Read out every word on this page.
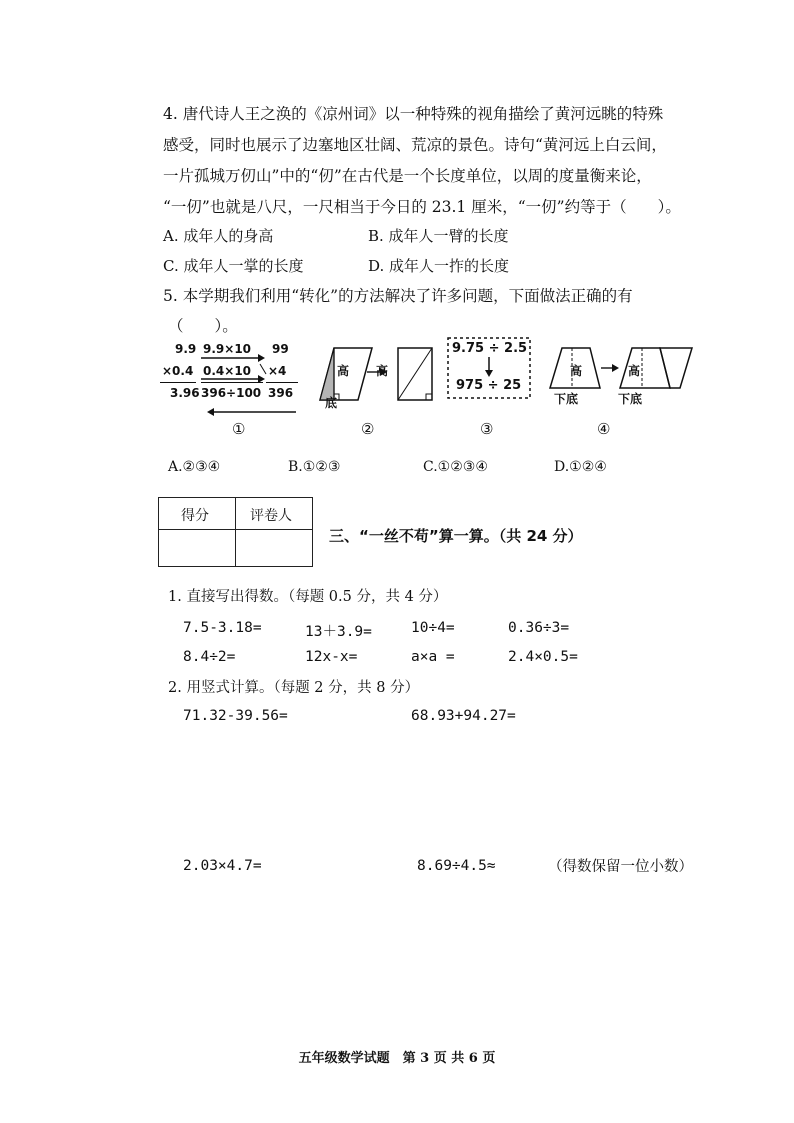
4. 唐代诗人王之涣的《凉州词》以一种特殊的视角描绘了黄河远眺的特殊
感受，同时也展示了边塞地区壮阔、荒凉的景色。诗句“黄河远上白云间，
一片孤城万仞山”中的“仞”在古代是一个长度单位，以周的度量衡来论，
“一仞”也就是八尺，一尺相当于今日的 23.1 厘米，“一仞”约等于（　　）。
A. 成年人的身高	B. 成年人一臂的长度
C. 成年人一掌的长度	D. 成年人一拃的长度
5. 本学期我们利用“转化”的方法解决了许多问题，下面做法正确的有
（　　）。
9.9
×0.4
3.96
9.9×10
0.4×10
396÷100
99
×4
396
高
底
高
9.75 ÷ 2.5
975 ÷ 25
高
下底
高
下底
①	②	③	④
A.②③④	B.①②③	C.①②③④	D.①②④
得分	评卷人
三、“一丝不苟”算一算。（共 24 分）
1. 直接写出得数。（每题 0.5 分，共 4 分）
7.5-3.18=	13＋3.9=	10÷4=	0.36÷3=
8.4÷2=	12x-x=	a×a =	2.4×0.5=
2. 用竖式计算。（每题 2 分，共 8 分）
71.32-39.56=	68.93+94.27=
2.03×4.7=	8.69÷4.5≈	（得数保留一位小数）
五年级数学试题　第 3 页 共 6 页
